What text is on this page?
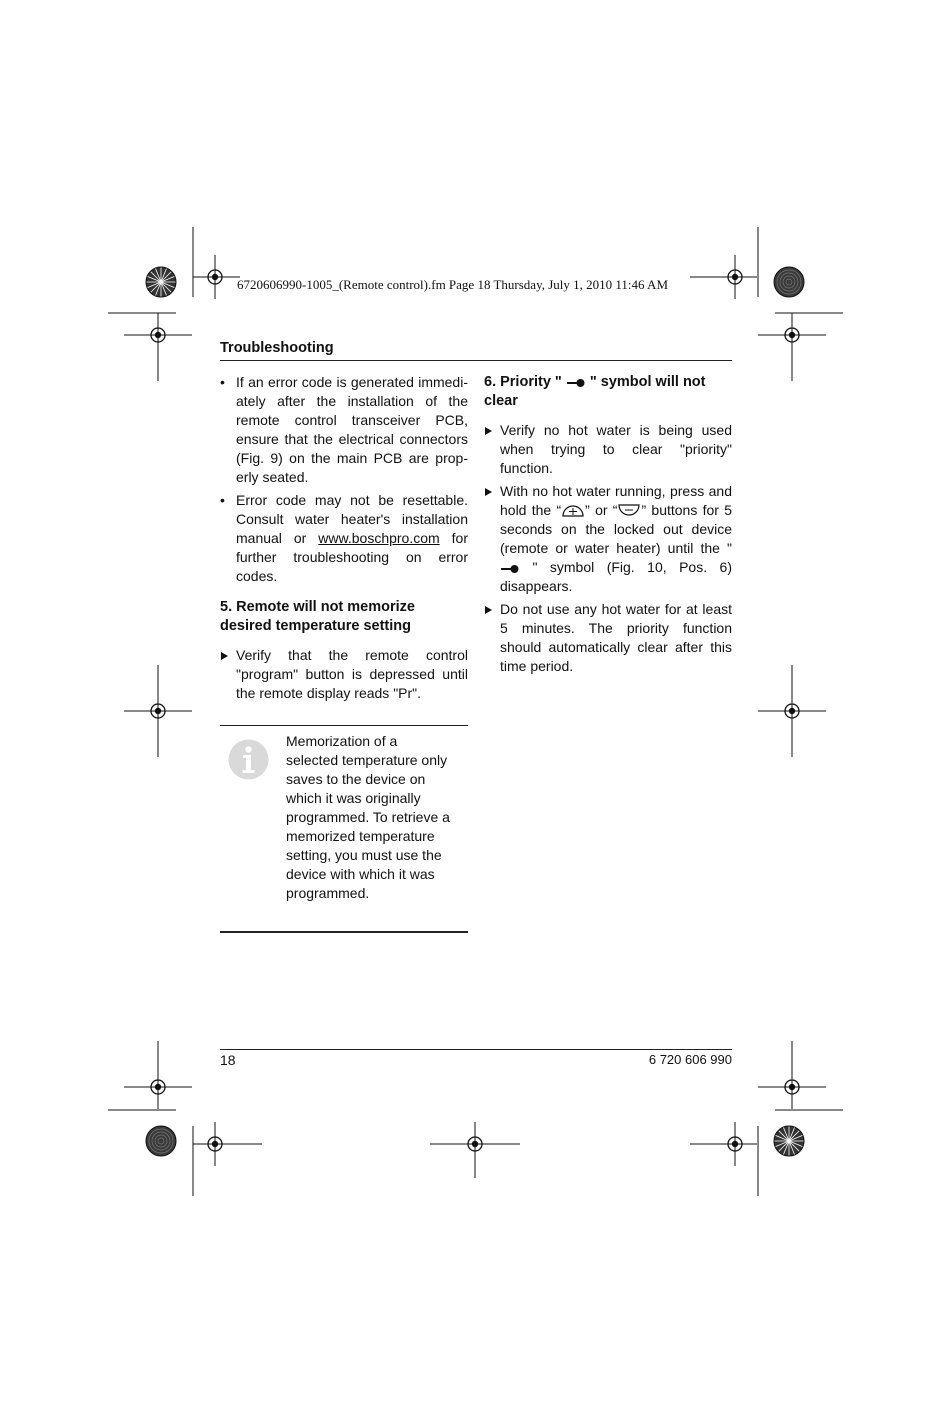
6720606990-1005_(Remote control).fm Page 18 Thursday, July 1, 2010 11:46 AM
Troubleshooting
• If an error code is generated immedi-ately after the installation of the remote control transceiver PCB, ensure that the electrical connectors (Fig. 9) on the main PCB are prop-erly seated.
• Error code may not be resettable. Consult water heater's installation manual or www.boschpro.com for further troubleshooting on error codes.
5. Remote will not memorize desired temperature setting
Verify that the remote control "program" button is depressed until the remote display reads "Pr".
Memorization of a selected temperature only saves to the device on which it was originally programmed. To retrieve a memorized temperature setting, you must use the device with which it was programmed.
6. Priority "  " symbol will not clear
Verify no hot water is being used when trying to clear "priority" function.
With no hot water running, press and hold the “ ” or “ ” buttons for 5 seconds on the locked out device (remote or water heater) until the "  " symbol (Fig. 10, Pos. 6) disappears.
Do not use any hot water for at least 5 minutes. The priority function should automatically clear after this time period.
18	6 720 606 990
